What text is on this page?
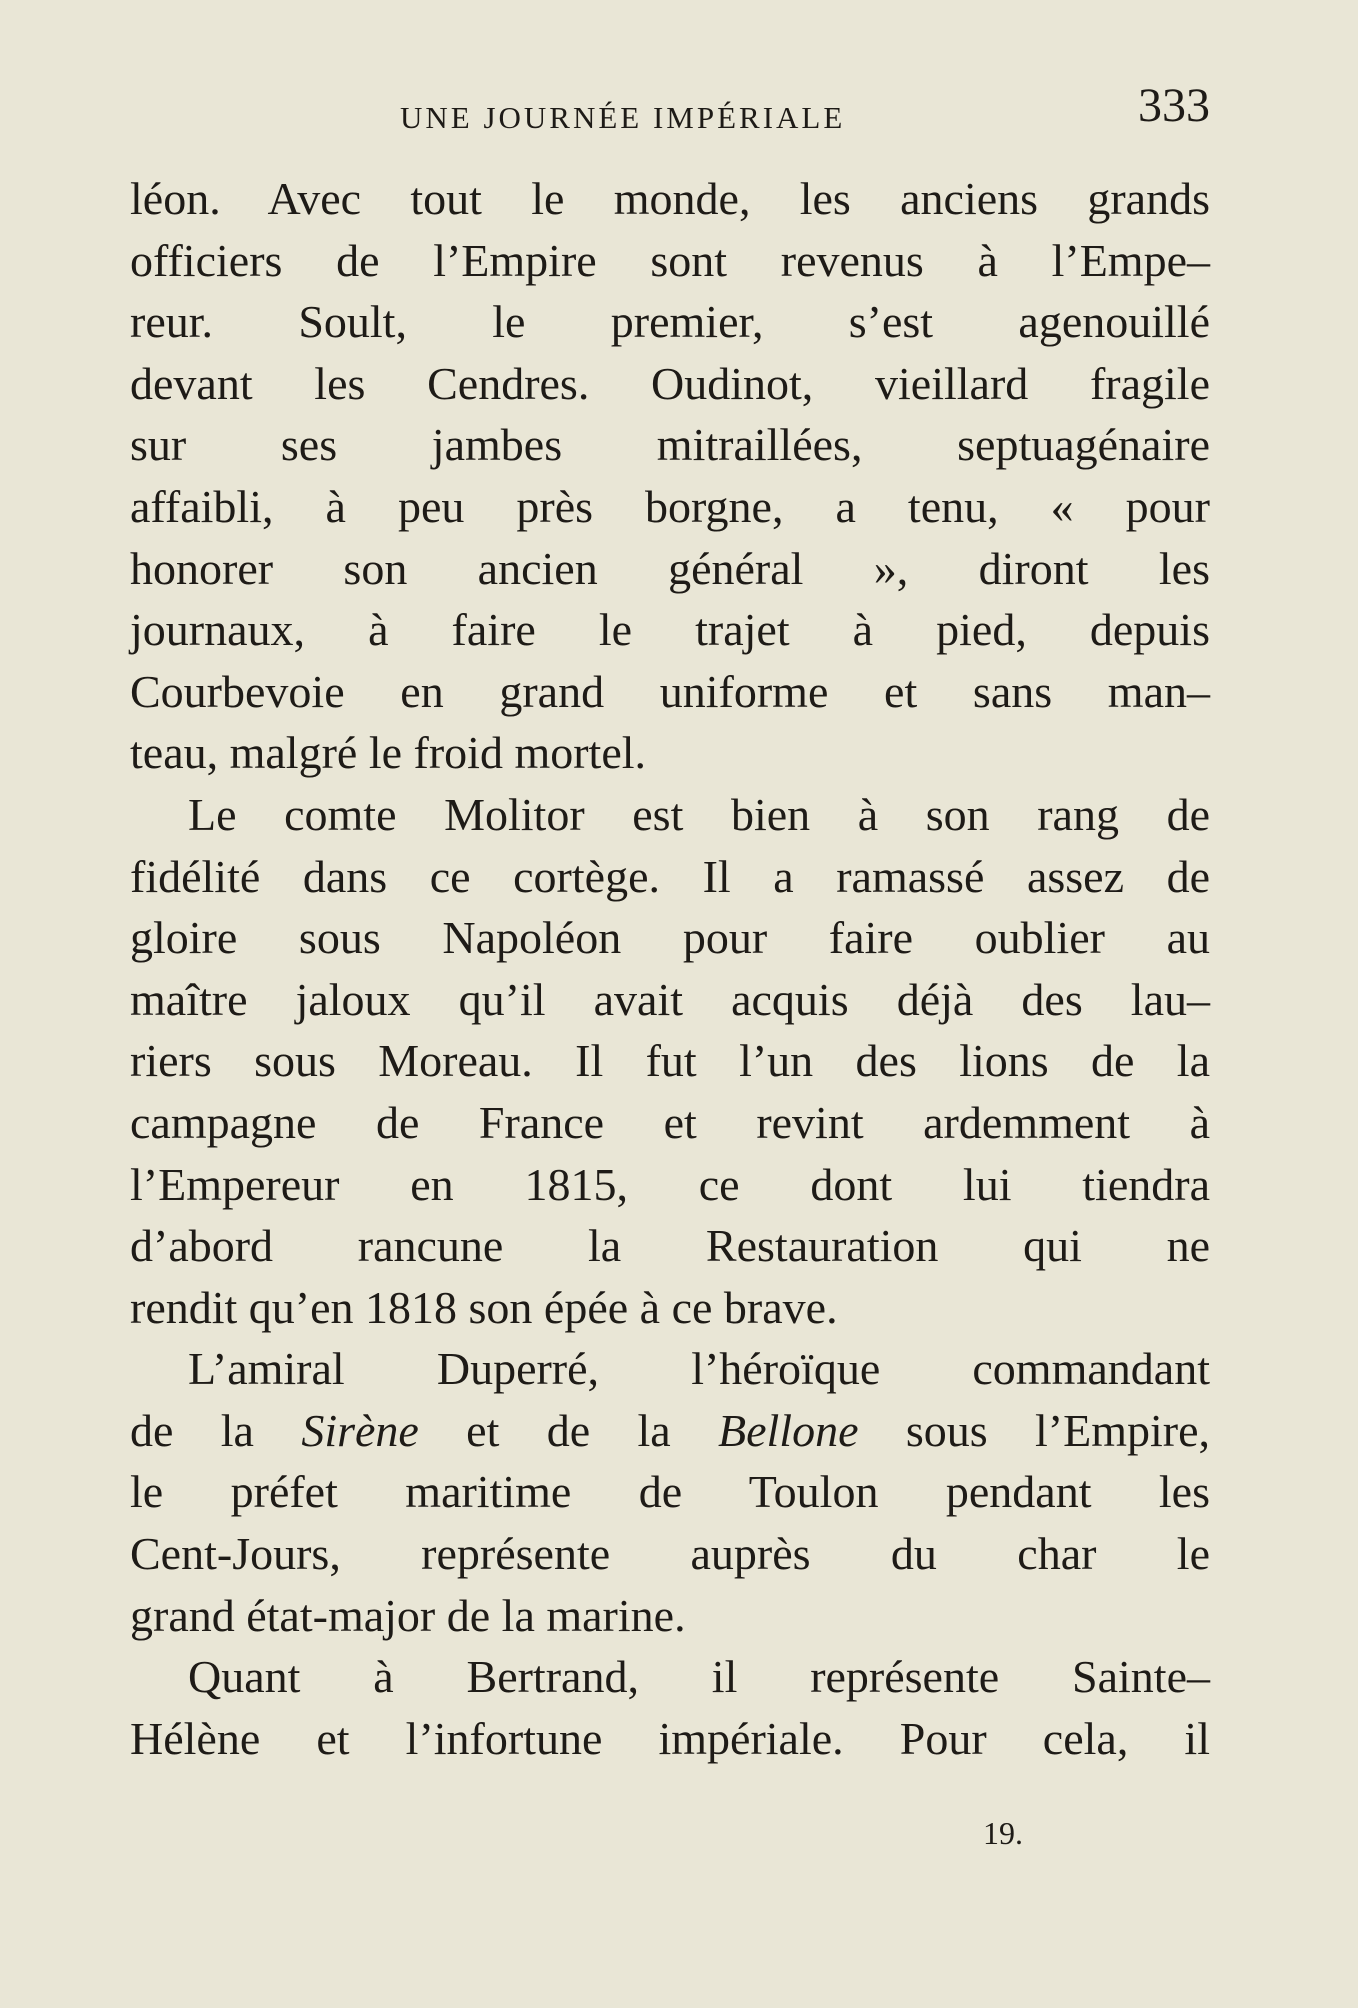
UNE JOURNÉE IMPÉRIALE	333
léon. Avec tout le monde, les anciens grands
officiers de l’Empire sont revenus à l’Empe–
reur. Soult, le premier, s’est agenouillé
devant les Cendres. Oudinot, vieillard fragile
sur ses jambes mitraillées, septuagénaire
affaibli, à peu près borgne, a tenu, « pour
honorer son ancien général », diront les
journaux, à faire le trajet à pied, depuis
Courbevoie en grand uniforme et sans man–
teau, malgré le froid mortel.
Le comte Molitor est bien à son rang de
fidélité dans ce cortège. Il a ramassé assez de
gloire sous Napoléon pour faire oublier au
maître jaloux qu’il avait acquis déjà des lau–
riers sous Moreau. Il fut l’un des lions de la
campagne de France et revint ardemment à
l’Empereur en 1815, ce dont lui tiendra
d’abord rancune la Restauration qui ne
rendit qu’en 1818 son épée à ce brave.
L’amiral Duperré, l’héroïque commandant
de la Sirène et de la Bellone sous l’Empire,
le préfet maritime de Toulon pendant les
Cent-Jours, représente auprès du char le
grand état-major de la marine.
Quant à Bertrand, il représente Sainte–
Hélène et l’infortune impériale. Pour cela, il
19.
